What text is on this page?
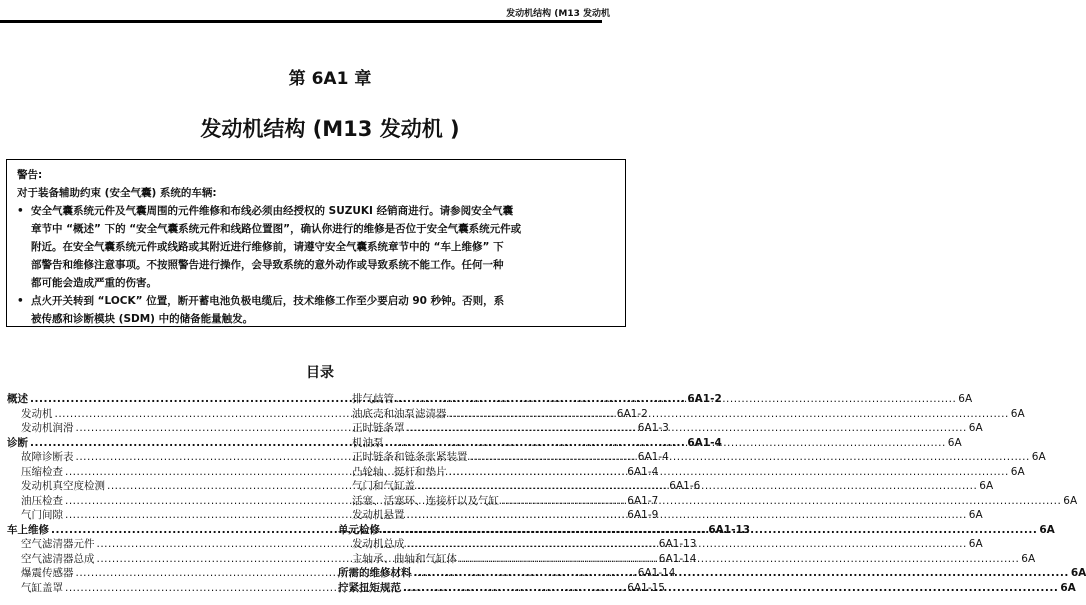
发动机结构 (M13 发动机
第 6A1 章
发动机结构 (M13 发动机 )
警告:
对于装备辅助约束 (安全气囊) 系统的车辆:
• 安全气囊系统元件及气囊周围的元件维修和布线必须由经授权的 SUZUKI 经销商进行。请参阅安全气囊
章节中 “概述” 下的 “安全气囊系统元件和线路位置图”，确认你进行的维修是否位于安全气囊系统元件或
附近。在安全气囊系统元件或线路或其附近进行维修前，请遵守安全气囊系统章节中的 “车上维修” 下
部警告和维修注意事项。不按照警告进行操作，会导致系统的意外动作或导致系统不能工作。任何一种
都可能会造成严重的伤害。
• 点火开关转到 “LOCK” 位置，断开蓄电池负极电缆后，技术维修工作至少要启动 90 秒钟。否则，系
被传感和诊断模块 (SDM) 中的储备能量触发。
目录
概述 .....	6A1-2
发动机 .....	6A1-2
发动机润滑 .....	6A1-3
诊断 .....	6A1-4
故障诊断表 .....	6A1-4
压缩检查 .....	6A1-4
发动机真空度检测 .....	6A1-6
油压检查 .....	6A1-7
气门间隙 .....	6A1-9
车上维修 .....	6A1-13
空气滤清器元件 .....	6A1-13
空气滤清器总成 .....	6A1-14
爆震传感器 .....	6A1-14
气缸盖罩 .....	6A1-15
排气歧管 .....	6A
油底壳和油泵滤清器 .....	6A
正时链条罩 .....	6A
机油泵 .....	6A
正时链条和链条张紧装置 .....	6A
凸轮轴、挺杆和垫片 .....	6A
气门和气缸盖 .....	6A
活塞、活塞环、连接杆以及气缸 .....	6A
发动机悬置 .....	6A
单元检修 .....	6A
发动机总成 .....	6A
主轴承、曲轴和气缸体 .....	6A
所需的维修材料 .....	6A
拧紧扭矩规范 .....	6A
